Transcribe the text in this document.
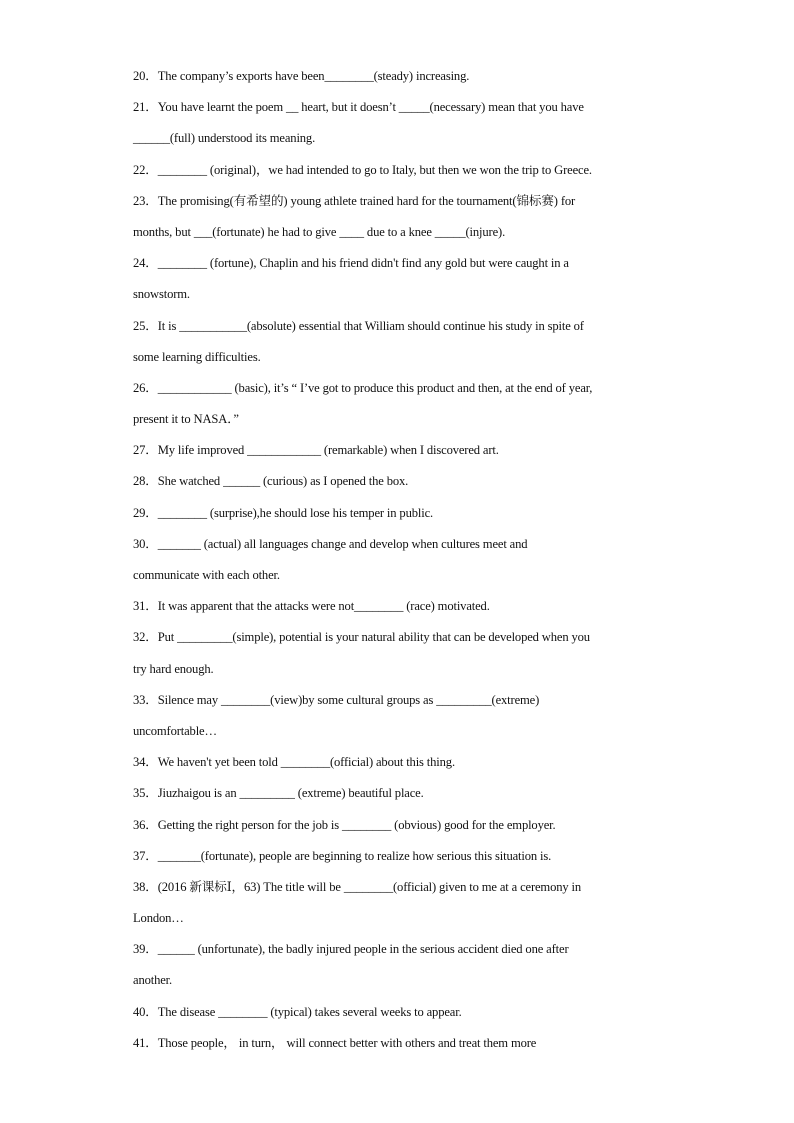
20．The company’s exports have been________(steady) increasing.
21．You have learnt the poem __ heart, but it doesn’t _____(necessary) mean that you have
______(full) understood its meaning.
22．________ (original)，we had intended to go to Italy, but then we won the trip to Greece.
23．The promising(有希望的) young athlete trained hard for the tournament(锦标赛) for
months, but ___(fortunate) he had to give ____ due to a knee _____(injure).
24．________ (fortune), Chaplin and his friend didn't find any gold but were caught in a
snowstorm.
25．It is ___________(absolute) essential that William should continue his study in spite of
some learning difficulties.
26．____________ (basic), it’s “ I’ve got to produce this product and then, at the end of year,
present it to NASA．”
27．My life improved ____________ (remarkable) when I discovered art.
28．She watched ______ (curious) as I opened the box.
29．________ (surprise),he should lose his temper in public.
30．_______ (actual) all languages change and develop when cultures meet and
communicate with each other.
31．It was apparent that the attacks were not________ (race) motivated.
32．Put _________(simple), potential is your natural ability that can be developed when you
try hard enough.
33．Silence may ________(view)by some cultural groups as _________(extreme)
uncomfortable…
34．We haven't yet been told ________(official) about this thing.
35．Jiuzhaigou is an _________ (extreme) beautiful place.
36．Getting the right person for the job is ________ (obvious) good for the employer.
37．_______(fortunate), people are beginning to realize how serious this situation is.
38．(2016 新课标Ⅰ，63) The title will be ________(official) given to me at a ceremony in
London…
39．______ (unfortunate), the badly injured people in the serious accident died one after
another.
40．The disease ________ (typical) takes several weeks to appear.
41．Those people， in turn， will connect better with others and treat them more
